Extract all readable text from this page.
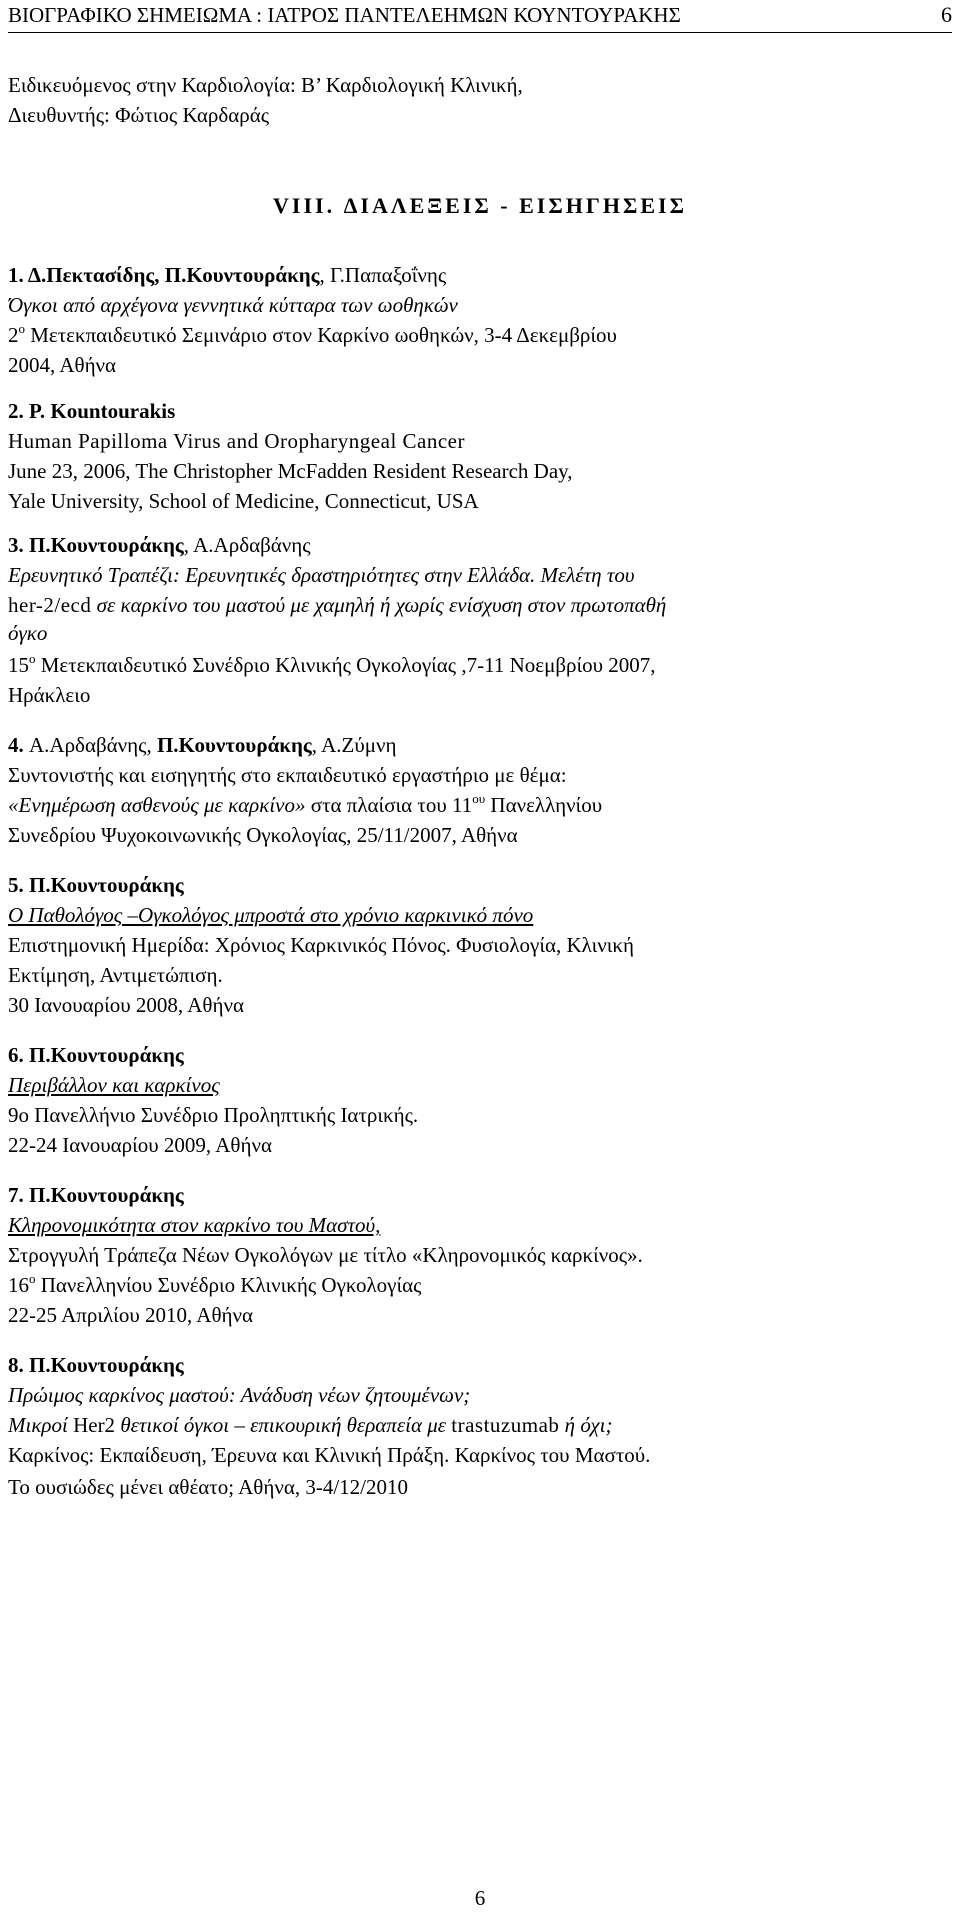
ΒΙΟΓΡΑΦΙΚΟ ΣΗΜΕΙΩΜΑ : ΙΑΤΡΟΣ ΠΑΝΤΕΛΕΗΜΩΝ ΚΟΥΝΤΟΥΡΑΚΗΣ	6
Ειδικευόμενος στην Καρδιολογία: Β’ Καρδιολογική Κλινική,
Διευθυντής: Φώτιος Καρδαράς
VIII. ΔΙΑΛΕΞΕΙΣ - ΕΙΣΗΓΗΣΕΙΣ
1. Δ.Πεκτασίδης, Π.Κουντουράκης, Γ.Παπαξοΐνης
Όγκοι από αρχέγονα γεννητικά κύτταρα των ωοθηκών
$2^o$ Μετεκπαιδευτικό Σεμινάριο στον Καρκίνο ωοθηκών, 3-4 Δεκεμβρίου
2004, Αθήνα
2. P. Kountourakis
Human Papilloma Virus and Oropharyngeal Cancer
June 23, 2006, The Christopher McFadden Resident Research Day,
Yale University, School of Medicine, Connecticut, USA
3. Π.Κουντουράκης, Α.Αρδαβάνης
Ερευνητικό Τραπέζι: Ερευνητικές δραστηριότητες στην Ελλάδα. Μελέτη του
her-2/ecd σε καρκίνο του μαστού με χαμηλή ή χωρίς ενίσχυση στον πρωτοπαθή
όγκο
$15^o$ Μετεκπαιδευτικό Συνέδριο Κλινικής Ογκολογίας ,7-11 Νοεμβρίου 2007,
Ηράκλειο
4. Α.Αρδαβάνης, Π.Κουντουράκης, Α.Ζύμνη
Συντονιστής και εισηγητής στο εκπαιδευτικό εργαστήριο με θέμα:
«Ενημέρωση ασθενούς με καρκίνο» στα πλαίσια του $11^{o\upsilon}$ Πανελληνίου
Συνεδρίου Ψυχοκοινωνικής Ογκολογίας, 25/11/2007, Αθήνα
5. Π.Κουντουράκης
Ο Παθολόγος –Ογκολόγος μπροστά στο χρόνιο καρκινικό πόνο
Επιστημονική Ημερίδα: Χρόνιος Καρκινικός Πόνος. Φυσιολογία, Κλινική
Εκτίμηση, Αντιμετώπιση.
30 Ιανουαρίου 2008, Αθήνα
6. Π.Κουντουράκης
Περιβάλλον και καρκίνος
9ο Πανελλήνιο Συνέδριο Προληπτικής Ιατρικής.
22-24 Ιανουαρίου 2009, Αθήνα
7. Π.Κουντουράκης
Κληρονομικότητα στον καρκίνο του Μαστού,
Στρογγυλή Τράπεζα Νέων Ογκολόγων με τίτλο «Κληρονομικός καρκίνος».
$16^o$ Πανελληνίου Συνέδριο Κλινικής Ογκολογίας
22-25 Απριλίου 2010, Αθήνα
8. Π.Κουντουράκης
Πρώιμος καρκίνος μαστού: Ανάδυση νέων ζητουμένων;
Μικροί Her2 θετικοί όγκοι – επικουρική θεραπεία με trastuzumab ή όχι;
Καρκίνος: Εκπαίδευση, Έρευνα και Κλινική Πράξη. Καρκίνος του Μαστού.
Το ουσιώδες μένει αθέατο; Αθήνα, 3-4/12/2010
6
